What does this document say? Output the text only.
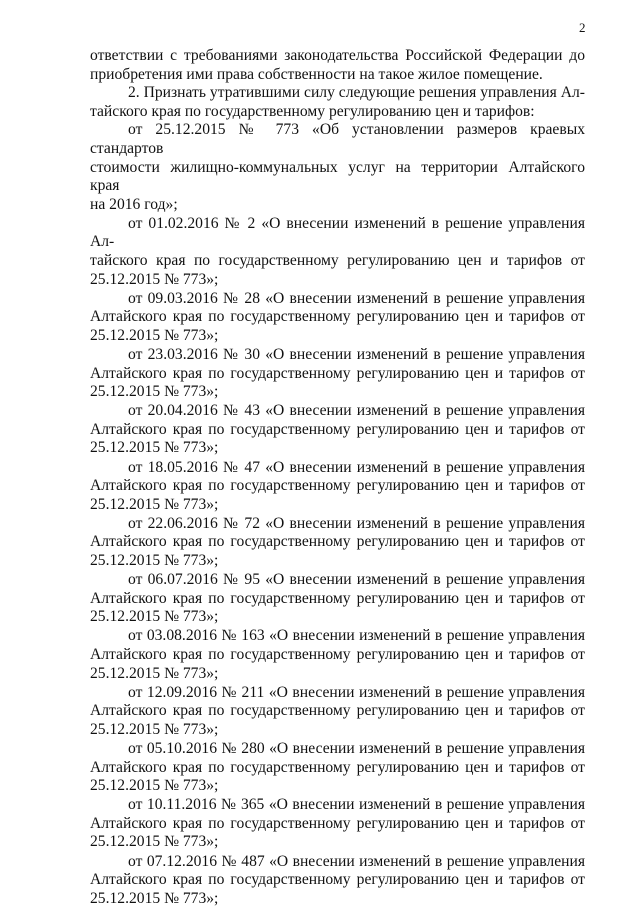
2

ответствии с требованиями законодательства Российской Федерации до

приобретения ими права собственности на такое жилое помещение.

2. Признать утратившими силу следующие решения управления Ал-

тайского края по государственному регулированию цен и тарифов:

от 25.12.2015 № 773 «Об установлении размеров краевых стандартов

стоимости жилищно-коммунальных услуг на территории Алтайского края

на 2016 год»;

от 01.02.2016 № 2 «О внесении изменений в решение управления Ал-

тайского края по государственному регулированию цен и тарифов от

25.12.2015 № 773»;

от 09.03.2016 № 28 «О внесении изменений в решение управления

Алтайского края по государственному регулированию цен и тарифов от

25.12.2015 № 773»;

от 23.03.2016 № 30 «О внесении изменений в решение управления

Алтайского края по государственному регулированию цен и тарифов от

25.12.2015 № 773»;

от 20.04.2016 № 43 «О внесении изменений в решение управления

Алтайского края по государственному регулированию цен и тарифов от

25.12.2015 № 773»;

от 18.05.2016 № 47 «О внесении изменений в решение управления

Алтайского края по государственному регулированию цен и тарифов от

25.12.2015 № 773»;

от 22.06.2016 № 72 «О внесении изменений в решение управления

Алтайского края по государственному регулированию цен и тарифов от

25.12.2015 № 773»;

от 06.07.2016 № 95 «О внесении изменений в решение управления

Алтайского края по государственному регулированию цен и тарифов от

25.12.2015 № 773»;

от 03.08.2016 № 163 «О внесении изменений в решение управления

Алтайского края по государственному регулированию цен и тарифов от

25.12.2015 № 773»;

от 12.09.2016 № 211 «О внесении изменений в решение управления

Алтайского края по государственному регулированию цен и тарифов от

25.12.2015 № 773»;

от 05.10.2016 № 280 «О внесении изменений в решение управления

Алтайского края по государственному регулированию цен и тарифов от

25.12.2015 № 773»;

от 10.11.2016 № 365 «О внесении изменений в решение управления

Алтайского края по государственному регулированию цен и тарифов от

25.12.2015 № 773»;

от 07.12.2016 № 487 «О внесении изменений в решение управления

Алтайского края по государственному регулированию цен и тарифов от

25.12.2015 № 773»;
